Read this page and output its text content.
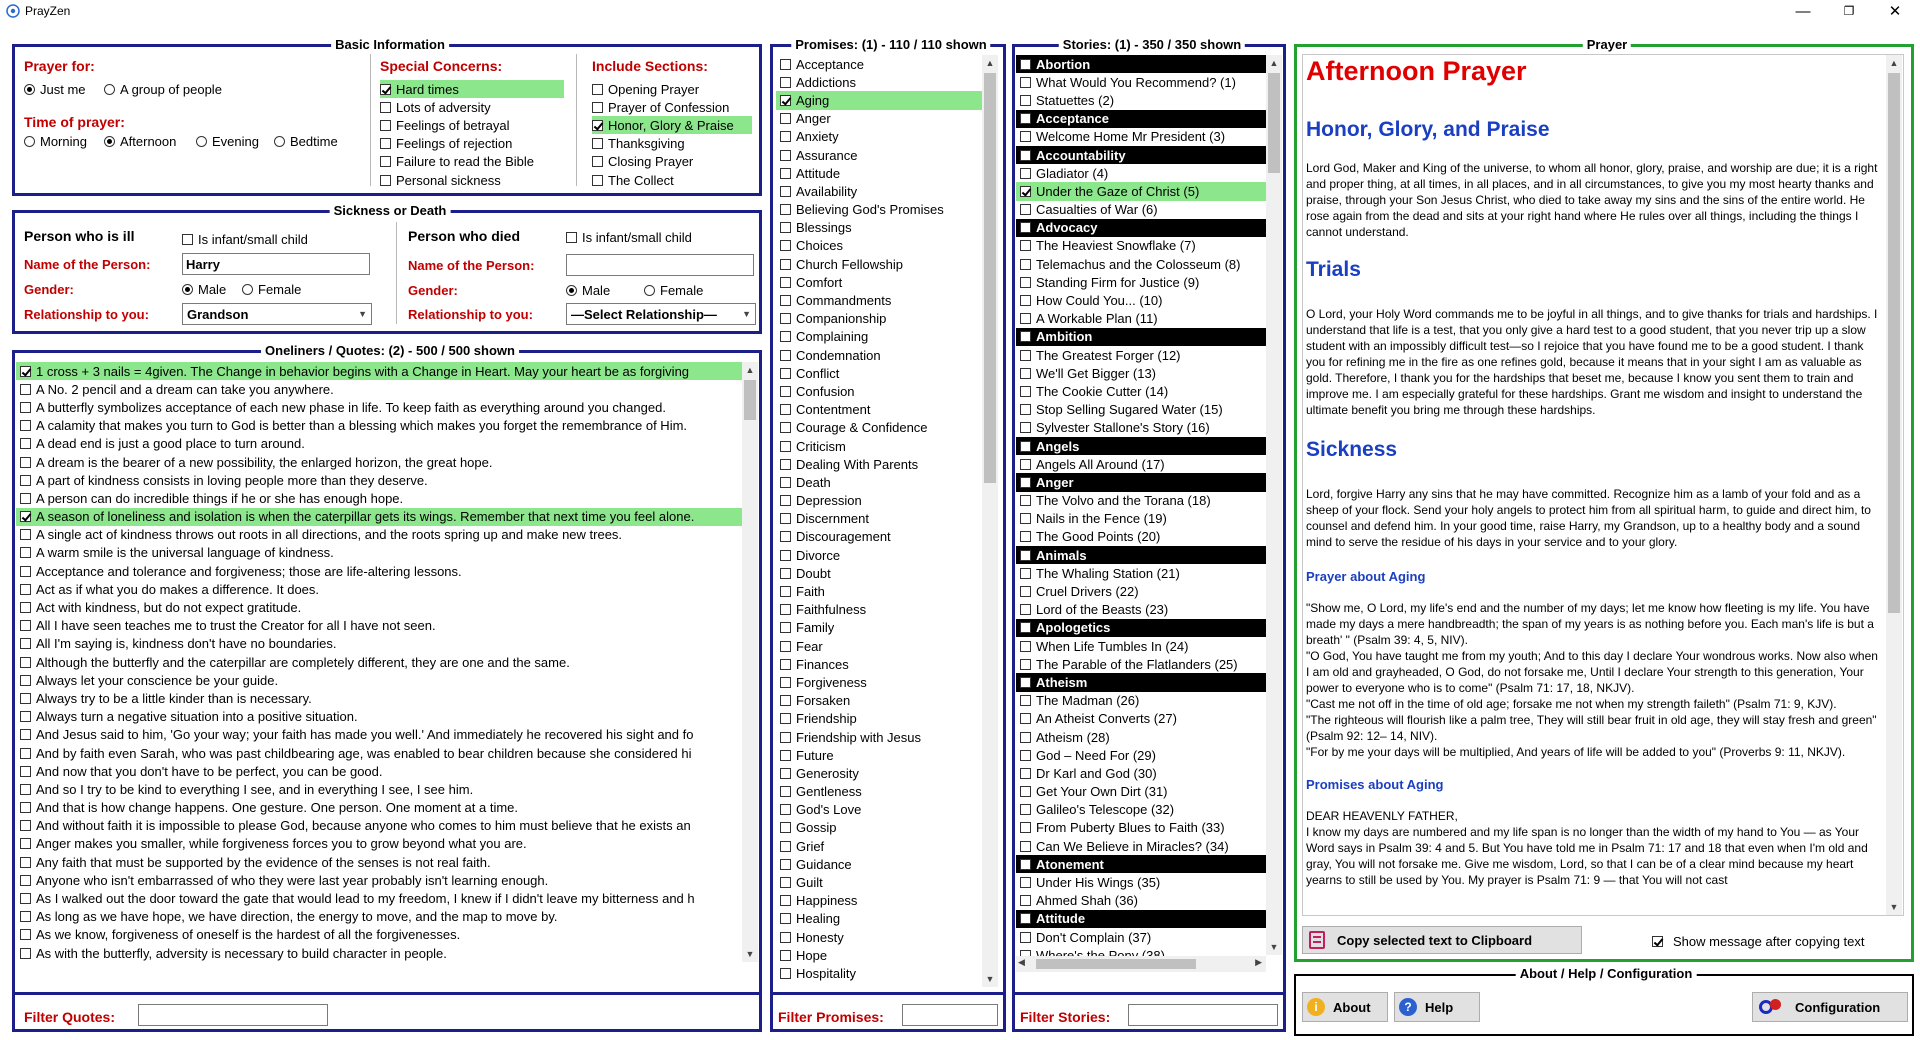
PrayZen	—	❐	✕
Basic Information
Prayer for:
Just me	A group of people
Time of prayer:
Morning	Afternoon	Evening	Bedtime
Special Concerns:
Hard times
Lots of adversity
Feelings of betrayal
Feelings of rejection
Failure to read the Bible
Personal sickness
Include Sections:
Opening Prayer
Prayer of Confession
Honor, Glory & Praise
Thanksgiving
Closing Prayer
The Collect
Sickness or Death
Person who is ill	Is infant/small child
Name of the Person:
Harry
Gender:	Male	Female
Relationship to you:	Grandson	▼
Person who died	Is infant/small child
Name of the Person:
Gender:	Male	Female
Relationship to you:	—Select Relationship—	▼
Oneliners / Quotes: (2) - 500 / 500 shown
1 cross + 3 nails = 4given. The Change in behavior begins with a Change in Heart. May your heart be as forgiving
A No. 2 pencil and a dream can take you anywhere.
A butterfly symbolizes acceptance of each new phase in life. To keep faith as everything around you changed.
A calamity that makes you turn to God is better than a blessing which makes you forget the remembrance of Him.
A dead end is just a good place to turn around.
A dream is the bearer of a new possibility, the enlarged horizon, the great hope.
A part of kindness consists in loving people more than they deserve.
A person can do incredible things if he or she has enough hope.
A season of loneliness and isolation is when the caterpillar gets its wings. Remember that next time you feel alone.
A single act of kindness throws out roots in all directions, and the roots spring up and make new trees.
A warm smile is the universal language of kindness.
Acceptance and tolerance and forgiveness; those are life-altering lessons.
Act as if what you do makes a difference. It does.
Act with kindness, but do not expect gratitude.
All I have seen teaches me to trust the Creator for all I have not seen.
All I'm saying is, kindness don't have no boundaries.
Although the butterfly and the caterpillar are completely different, they are one and the same.
Always let your conscience be your guide.
Always try to be a little kinder than is necessary.
Always turn a negative situation into a positive situation.
And Jesus said to him, 'Go your way; your faith has made you well.' And immediately he recovered his sight and fo
And by faith even Sarah, who was past childbearing age, was enabled to bear children because she considered hi
And now that you don't have to be perfect, you can be good.
And so I try to be kind to everything I see, and in everything I see, I see him.
And that is how change happens. One gesture. One person. One moment at a time.
And without faith it is impossible to please God, because anyone who comes to him must believe that he exists an
Anger makes you smaller, while forgiveness forces you to grow beyond what you are.
Any faith that must be supported by the evidence of the senses is not real faith.
Anyone who isn't embarrassed of who they were last year probably isn't learning enough.
As I walked out the door toward the gate that would lead to my freedom, I knew if I didn't leave my bitterness and h
As long as we have hope, we have direction, the energy to move, and the map to move by.
As we know, forgiveness of oneself is the hardest of all the forgivenesses.
As with the butterfly, adversity is necessary to build character in people.
▲
▼
Filter Quotes:
Promises: (1) - 110 / 110 shown
Acceptance
Addictions
Aging
Anger
Anxiety
Assurance
Attitude
Availability
Believing God's Promises
Blessings
Choices
Church Fellowship
Comfort
Commandments
Companionship
Complaining
Condemnation
Conflict
Confusion
Contentment
Courage & Confidence
Criticism
Dealing With Parents
Death
Depression
Discernment
Discouragement
Divorce
Doubt
Faith
Faithfulness
Family
Fear
Finances
Forgiveness
Forsaken
Friendship
Friendship with Jesus
Future
Generosity
Gentleness
God's Love
Gossip
Grief
Guidance
Guilt
Happiness
Healing
Honesty
Hope
Hospitality
▲
▼
Filter Promises:
Stories: (1) - 350 / 350 shown
Abortion
What Would You Recommend? (1)
Statuettes (2)
Acceptance
Welcome Home Mr President (3)
Accountability
Gladiator (4)
Under the Gaze of Christ (5)
Casualties of War (6)
Advocacy
The Heaviest Snowflake (7)
Telemachus and the Colosseum (8)
Standing Firm for Justice (9)
How Could You... (10)
A Workable Plan (11)
Ambition
The Greatest Forger (12)
We'll Get Bigger (13)
The Cookie Cutter (14)
Stop Selling Sugared Water (15)
Sylvester Stallone's Story (16)
Angels
Angels All Around (17)
Anger
The Volvo and the Torana (18)
Nails in the Fence (19)
The Good Points (20)
Animals
The Whaling Station (21)
Cruel Drivers (22)
Lord of the Beasts (23)
Apologetics
When Life Tumbles In (24)
The Parable of the Flatlanders (25)
Atheism
The Madman (26)
An Atheist Converts (27)
Atheism (28)
God – Need For (29)
Dr Karl and God (30)
Get Your Own Dirt (31)
Galileo's Telescope (32)
From Puberty Blues to Faith (33)
Can We Believe in Miracles? (34)
Atonement
Under His Wings (35)
Ahmed Shah (36)
Attitude
Don't Complain (37)
▲
▼
◀	▶
Filter Stories:
Prayer
Afternoon Prayer
Honor, Glory, and Praise

Lord God, Maker and King of the universe, to whom all honor, glory, praise, and worship are due; it is a right and proper thing, at all times, in all places, and in all circumstances, to give you my most hearty thanks and praise, through your Son Jesus Christ, who died to take away my sins and the sins of the entire world. He rose again from the dead and sits at your right hand where He rules over all things, including the things I cannot understand.

Trials

O Lord, your Holy Word commands me to be joyful in all things, and to give thanks for trials and hardships. I understand that life is a test, that you only give a hard test to a good student, that you never trip up a slow student with an impossibly difficult test—so I rejoice that you have found me to be a good student. I thank you for refining me in the fire as one refines gold, because it means that in your sight I am as valuable as gold. Therefore, I thank you for the hardships that beset me, because I know you sent them to train and improve me. I am especially grateful for these hardships. Grant me wisdom and insight to understand the ultimate benefit you bring me through these hardships.

Sickness

Lord, forgive Harry any sins that he may have committed. Recognize him as a lamb of your fold and as a sheep of your flock. Send your holy angels to protect him from all spiritual harm, to guide and direct him, to counsel and defend him. In your good time, raise Harry, my Grandson, up to a healthy body and a sound mind to serve the residue of his days in your service and to your glory.

Prayer about Aging
"Show me, O Lord, my life's end and the number of my days; let me know how fleeting is my life. You have made my days a mere handbreadth; the span of my years is as nothing before you. Each man's life is but a breath' " (Psalm 39: 4, 5, NIV).
"O God, You have taught me from my youth; And to this day I declare Your wondrous works. Now also when I am old and grayheaded, O God, do not forsake me, Until I declare Your strength to this generation, Your power to everyone who is to come" (Psalm 71: 17, 18, NKJV).
"Cast me not off in the time of old age; forsake me not when my strength faileth" (Psalm 71: 9, KJV).
"The righteous will flourish like a palm tree, They will still bear fruit in old age, they will stay fresh and green" (Psalm 92: 12– 14, NIV).
"For by me your days will be multiplied, And years of life will be added to you" (Proverbs 9: 11, NKJV).
Promises about Aging
DEAR HEAVENLY FATHER,
I know my days are numbered and my life span is no longer than the width of my hand to You — as Your Word says in Psalm 39: 4 and 5. But You have told me in Psalm 71: 17 and 18 that even when I'm old and gray, You will not forsake me. Give me wisdom, Lord, so that I can be of a clear mind because my heart yearns to still be used by You. My prayer is Psalm 71: 9 — that You will not cast
▲
▼
Copy selected text to Clipboard	Show message after copying text
About / Help / Configuration
i	About	?	Help	Configuration
